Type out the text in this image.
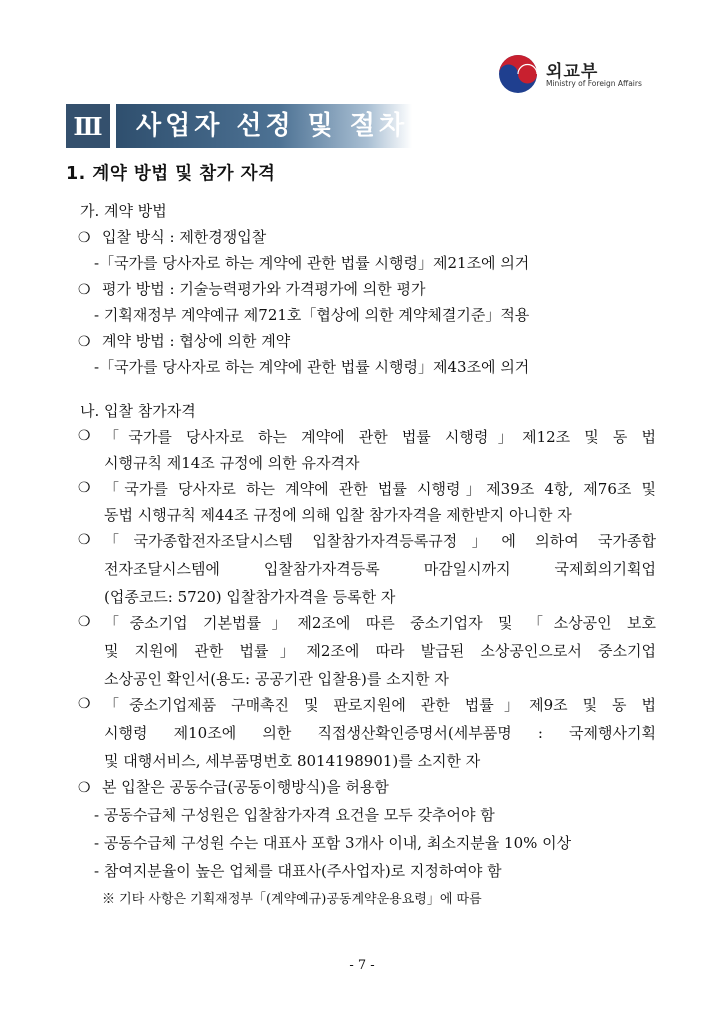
외교부
Ministry of Foreign Affairs
Ⅲ	사업자 선정 및 절차
1. 계약 방법 및 참가 자격
가. 계약 방법
❍ 입찰 방식 : 제한경쟁입찰
-「국가를 당사자로 하는 계약에 관한 법률 시행령」제21조에 의거
❍ 평가 방법 : 기술능력평가와 가격평가에 의한 평가
- 기획재정부 계약예규 제721호「협상에 의한 계약체결기준」적용
❍ 계약 방법 : 협상에 의한 계약
-「국가를 당사자로 하는 계약에 관한 법률 시행령」제43조에 의거
나. 입찰 참가자격
❍ 「국가를 당사자로 하는 계약에 관한 법률 시행령」제12조 및 동 법
시행규칙 제14조 규정에 의한 유자격자
❍ 「국가를 당사자로 하는 계약에 관한 법률 시행령」제39조 4항, 제76조 및
동법 시행규칙 제44조 규정에 의해 입찰 참가자격을 제한받지 아니한 자
❍ 「국가종합전자조달시스템 입찰참가자격등록규정」에 의하여 국가종합
전자조달시스템에 입찰참가자격등록 마감일시까지 국제회의기획업
(업종코드: 5720) 입찰참가자격을 등록한 자
❍ 「중소기업 기본법률」제2조에 따른 중소기업자 및 「소상공인 보호
및 지원에 관한 법률」제2조에 따라 발급된 소상공인으로서 중소기업
소상공인 확인서(용도: 공공기관 입찰용)를 소지한 자
❍ 「중소기업제품 구매촉진 및 판로지원에 관한 법률」제9조 및 동 법
시행령 제10조에 의한 직접생산확인증명서(세부품명 : 국제행사기획
및 대행서비스, 세부품명번호 8014198901)를 소지한 자
❍ 본 입찰은 공동수급(공동이행방식)을 허용함
- 공동수급체 구성원은 입찰참가자격 요건을 모두 갖추어야 함
- 공동수급체 구성원 수는 대표사 포함 3개사 이내, 최소지분율 10% 이상
- 참여지분율이 높은 업체를 대표사(주사업자)로 지정하여야 함
※ 기타 사항은 기획재정부「(계약예규)공동계약운용요령」에 따름
- 7 -
